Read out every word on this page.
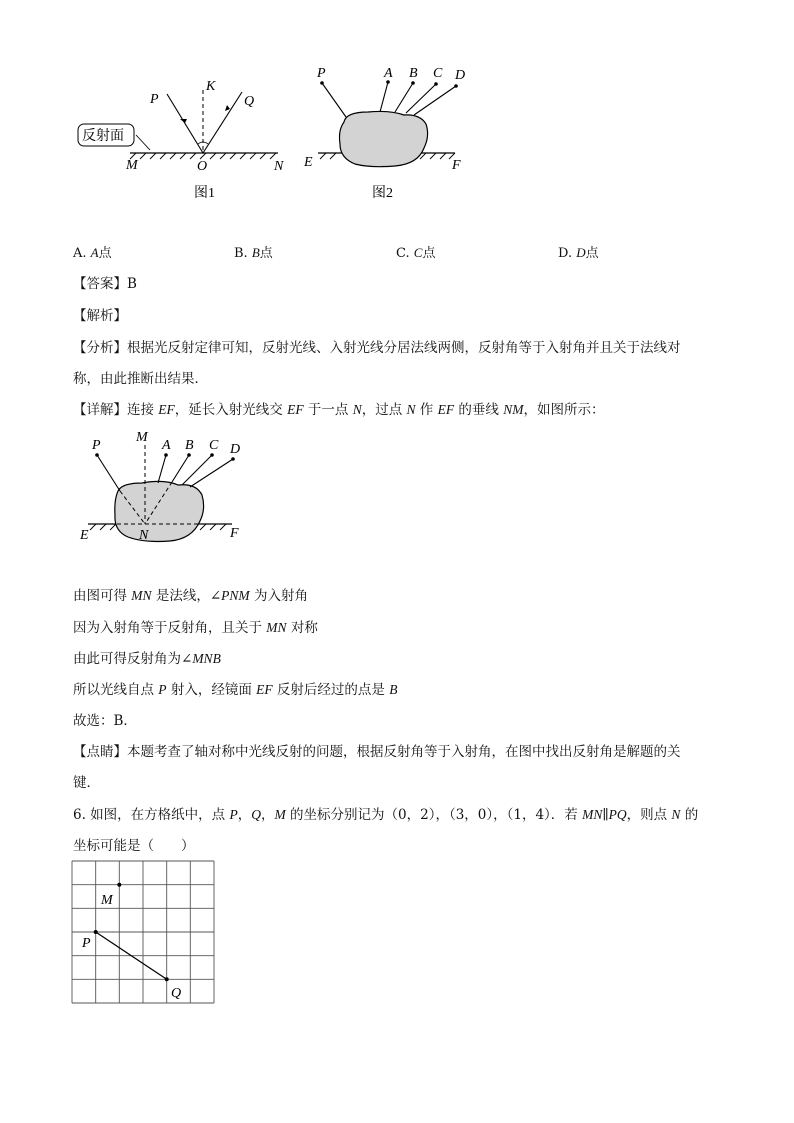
反射面
P
K
Q
M	O	N
图1
P	A B C D
E	F
图2
A. A点	B. B点	C. C点	D. D点
【答案】B
【解析】
【分析】根据光反射定律可知，反射光线、入射光线分居法线两侧，反射角等于入射角并且关于法线对
称，由此推断出结果．
【详解】连接 EF，延长入射光线交 EF 于一点 N，过点 N 作 EF 的垂线 NM，如图所示：
P
M
A B C D
E	N	F
由图可得 MN 是法线，∠PNM 为入射角
因为入射角等于反射角，且关于 MN 对称
由此可得反射角为∠MNB
所以光线自点 P 射入，经镜面 EF 反射后经过的点是 B
故选：B．
【点睛】本题考查了轴对称中光线反射的问题，根据反射角等于入射角，在图中找出反射角是解题的关
键．
6. 如图，在方格纸中，点 P，Q，M 的坐标分别记为（0，2），（3，0），（1，4）．若 MN∥PQ，则点 N 的
坐标可能是（　　）
M
P
Q
